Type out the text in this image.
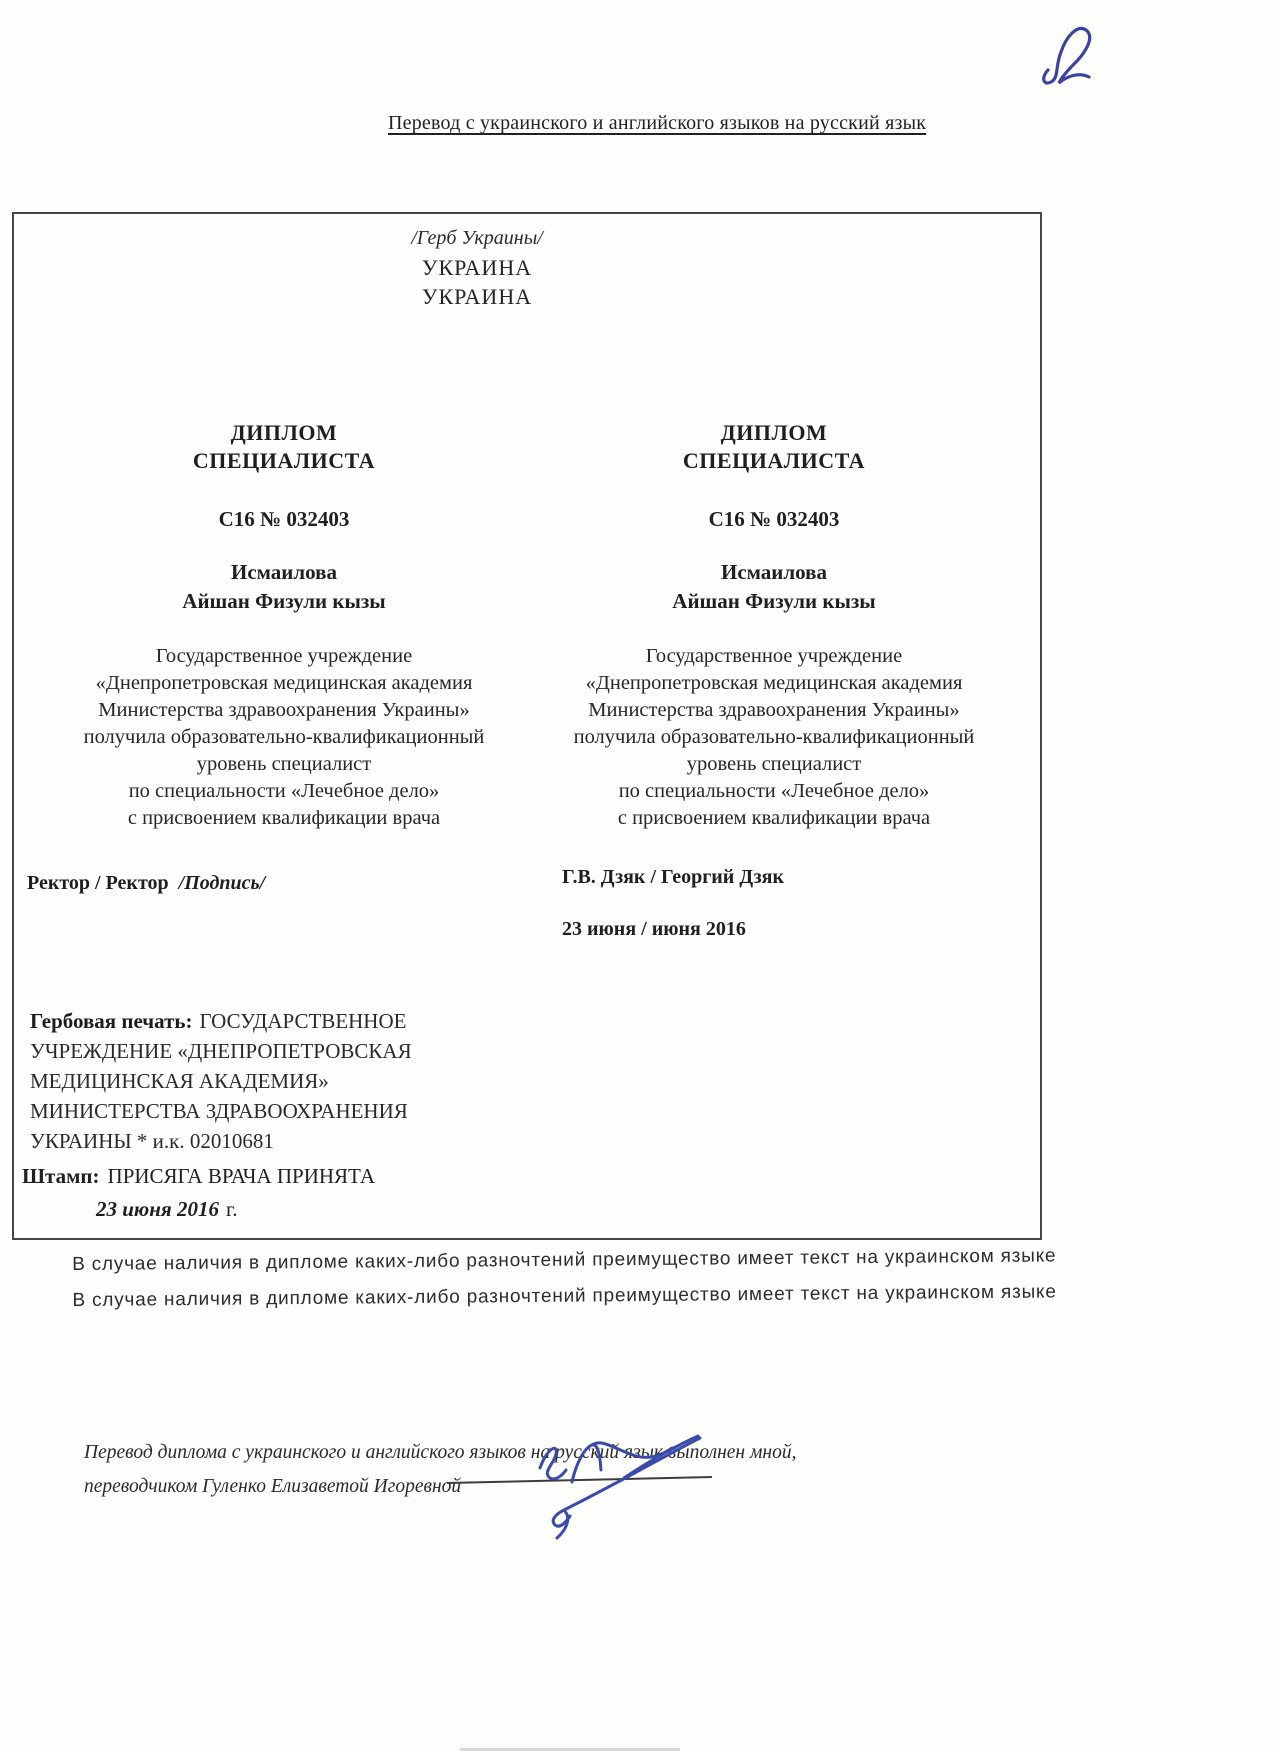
Перевод с украинского и английского языков на русский язык
/Герб Украины/
УКРАИНА
УКРАИНА
ДИПЛОМ
СПЕЦИАЛИСТА
С16 № 032403
Исмаилова
Айшан Физули кызы
Государственное учреждение
«Днепропетровская медицинская академия
Министерства здравоохранения Украины»
получила образовательно-квалификационный
уровень специалист
по специальности «Лечебное дело»
с присвоением квалификации врача
ДИПЛОМ
СПЕЦИАЛИСТА
С16 № 032403
Исмаилова
Айшан Физули кызы
Государственное учреждение
«Днепропетровская медицинская академия
Министерства здравоохранения Украины»
получила образовательно-квалификационный
уровень специалист
по специальности «Лечебное дело»
с присвоением квалификации врача
Ректор / Ректор /Подпись/	Г.В. Дзяк / Георгий Дзяк
23 июня / июня 2016
Гербовая печать: ГОСУДАРСТВЕННОЕ УЧРЕЖДЕНИЕ «ДНЕПРОПЕТРОВСКАЯ МЕДИЦИНСКАЯ АКАДЕМИЯ» МИНИСТЕРСТВА ЗДРАВООХРАНЕНИЯ УКРАИНЫ * и.к. 02010681
Штамп: ПРИСЯГА ВРАЧА ПРИНЯТА
23 июня 2016 г.
В случае наличия в дипломе каких-либо разночтений преимущество имеет текст на украинском языке
В случае наличия в дипломе каких-либо разночтений преимущество имеет текст на украинском языке
Перевод диплома с украинского и английского языков на русский язык выполнен мной,
переводчиком Гуленко Елизаветой Игоревной
